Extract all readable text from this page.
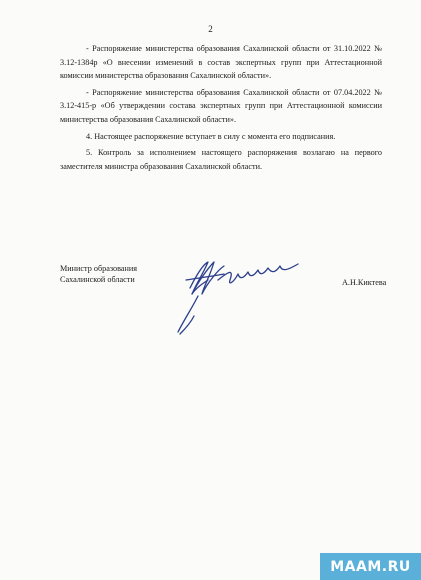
2

- Распоряжение министерства образования Сахалинской области от 31.10.2022 № 3.12-1384р «О внесении изменений в состав экспертных групп при Аттестационной комиссии министерства образования Сахалинской области».

- Распоряжение министерства образования Сахалинской области от 07.04.2022 № 3.12-415-р «Об утверждении состава экспертных групп при Аттестационной комиссии министерства образования Сахалинской области».

4. Настоящее распоряжение вступает в силу с момента его подписания.

5. Контроль за исполнением настоящего распоряжения возлагаю на первого заместителя министра образования Сахалинской области.

Министр образования
Сахалинской области	А.Н.Киктева
MAAM.RU
